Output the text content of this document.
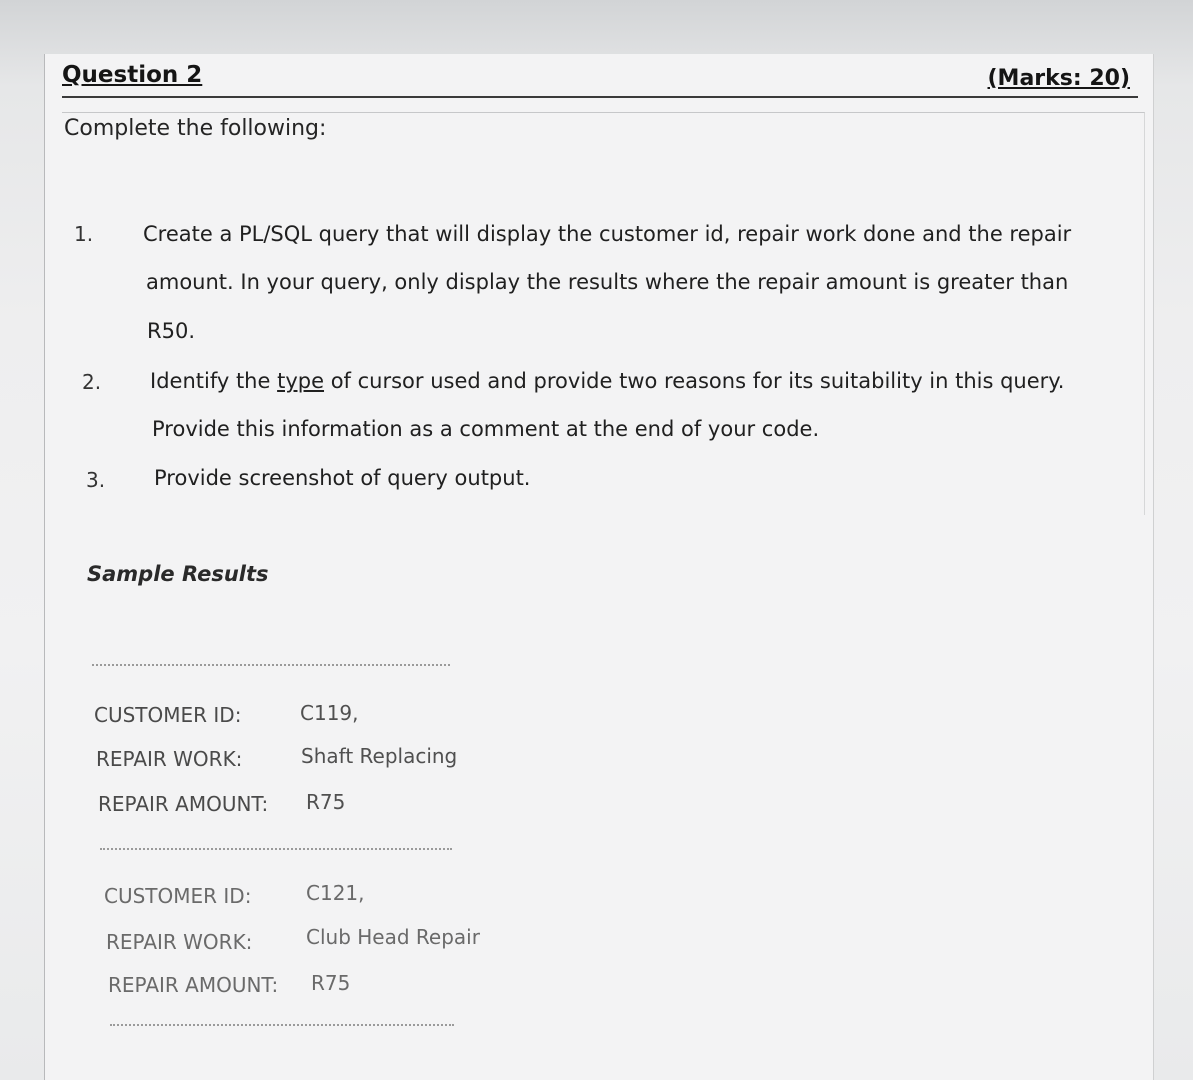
Question 2	(Marks: 20)
Complete the following:
1. Create a PL/SQL query that will display the customer id, repair work done and the repair
amount. In your query, only display the results where the repair amount is greater than
R50.
2. Identify the type of cursor used and provide two reasons for its suitability in this query.
Provide this information as a comment at the end of your code.
3. Provide screenshot of query output.
Sample Results
CUSTOMER ID:	C119,
REPAIR WORK:	Shaft Replacing
REPAIR AMOUNT: R75
CUSTOMER ID:	C121,
REPAIR WORK:	Club Head Repair
REPAIR AMOUNT: R75
